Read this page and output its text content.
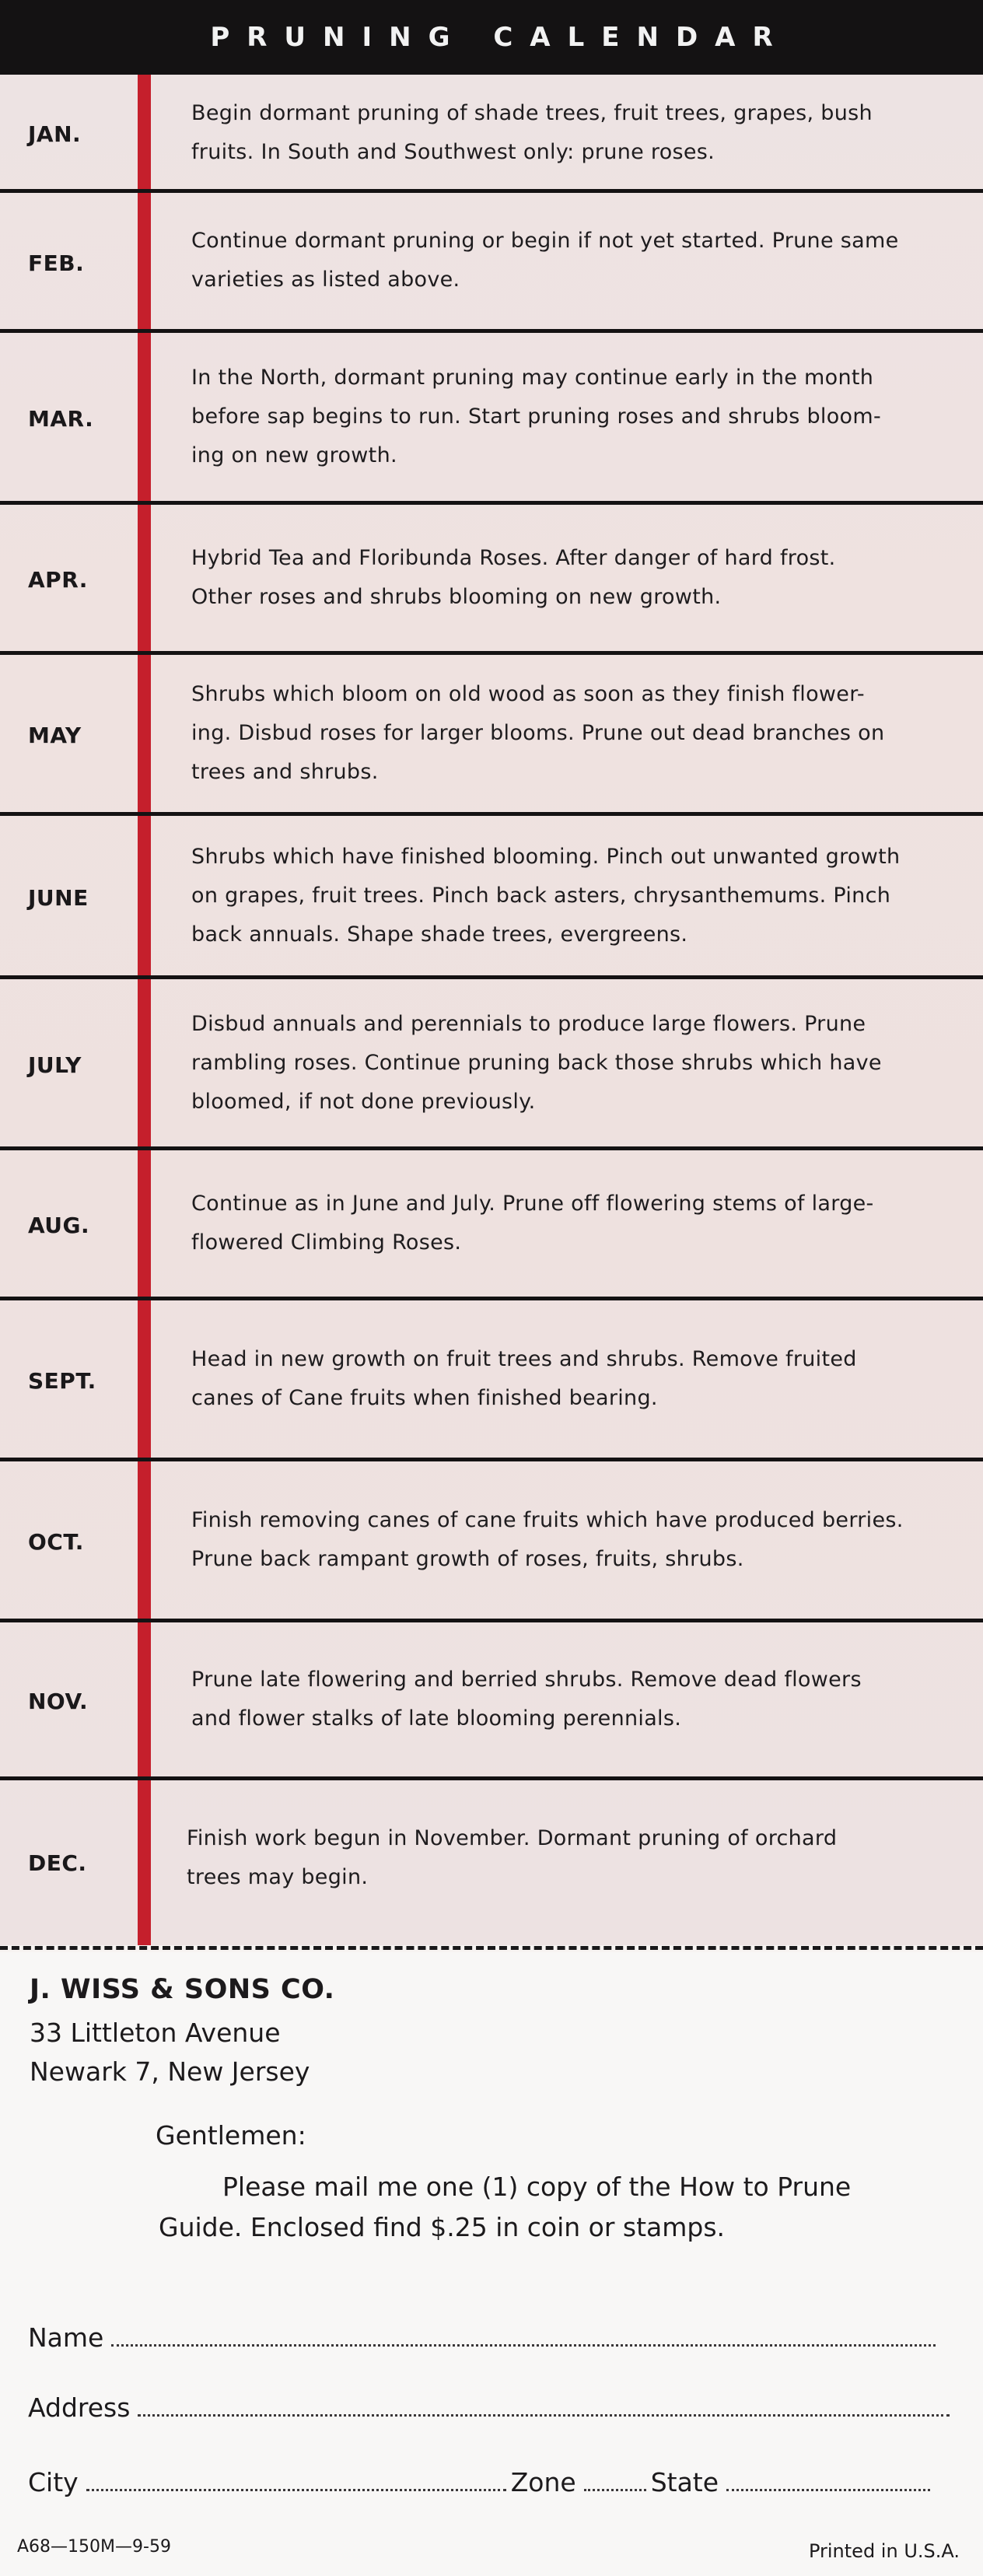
PRUNING CALENDAR
JAN.
Begin dormant pruning of shade trees, fruit trees, grapes, bush
fruits. In South and Southwest only: prune roses.
FEB.
Continue dormant pruning or begin if not yet started. Prune same
varieties as listed above.
MAR.
In the North, dormant pruning may continue early in the month
before sap begins to run. Start pruning roses and shrubs bloom-
ing on new growth.
APR.
Hybrid Tea and Floribunda Roses. After danger of hard frost.
Other roses and shrubs blooming on new growth.
MAY
Shrubs which bloom on old wood as soon as they finish flower-
ing. Disbud roses for larger blooms. Prune out dead branches on
trees and shrubs.
JUNE
Shrubs which have finished blooming. Pinch out unwanted growth
on grapes, fruit trees. Pinch back asters, chrysanthemums. Pinch
back annuals. Shape shade trees, evergreens.
JULY
Disbud annuals and perennials to produce large flowers. Prune
rambling roses. Continue pruning back those shrubs which have
bloomed, if not done previously.
AUG.
Continue as in June and July. Prune off flowering stems of large-
flowered Climbing Roses.
SEPT.
Head in new growth on fruit trees and shrubs. Remove fruited
canes of Cane fruits when finished bearing.
OCT.
Finish removing canes of cane fruits which have produced berries.
Prune back rampant growth of roses, fruits, shrubs.
NOV.
Prune late flowering and berried shrubs. Remove dead flowers
and flower stalks of late blooming perennials.
DEC.
Finish work begun in November. Dormant pruning of orchard
trees may begin.
J. WISS & SONS CO.
33 Littleton Avenue
Newark 7, New Jersey
Gentlemen:
Please mail me one (1) copy of the How to Prune
Guide. Enclosed find $.25 in coin or stamps.
Name
Address
City	Zone	State
A68—150M—9-59	Printed in U.S.A.
